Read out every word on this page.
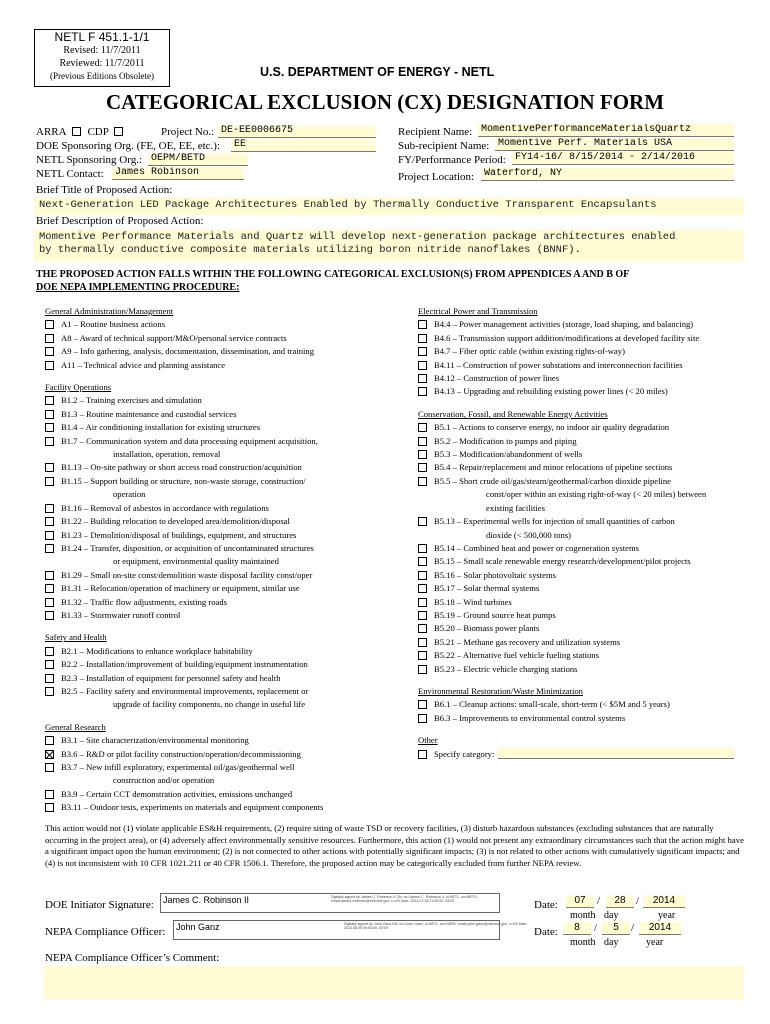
NETL F 451.1-1/1
Revised: 11/7/2011
Reviewed: 11/7/2011
(Previous Editions Obsolete)	U.S. DEPARTMENT OF ENERGY - NETL
CATEGORICAL EXCLUSION (CX) DESIGNATION FORM
ARRA CDP	Project No.: DE-EE0006675
DOE Sponsoring Org. (FE, OE, EE, etc.):	EE
NETL Sponsoring Org.: OEPM/BETD
NETL Contact:	James Robinson
Recipient Name: MomentivePerformanceMaterialsQuartz
Sub-recipient Name: Momentive Perf. Materials USA
FY/Performance Period: FY14-16/ 8/15/2014 - 2/14/2016
Project Location: Waterford, NY
Brief Title of Proposed Action:
Next-Generation LED Package Architectures Enabled by Thermally Conductive Transparent Encapsulants
Brief Description of Proposed Action:
Momentive Performance Materials and Quartz will develop next-generation package architectures enabled
by thermally conductive composite materials utilizing boron nitride nanoflakes (BNNF).
THE PROPOSED ACTION FALLS WITHIN THE FOLLOWING CATEGORICAL EXCLUSION(S) FROM APPENDICES A AND B OF
DOE NEPA IMPLEMENTING PROCEDURE:
General Administration/Management
A1 – Routine business actions
A8 – Award of technical support/M&O/personal service contracts
A9 – Info gathering, analysis, documentation, dissemination, and training
A11 – Technical advice and planning assistance
Facility Operations
B1.2 – Training exercises and simulation
B1.3 – Routine maintenance and custodial services
B1.4 – Air conditioning installation for existing structures
B1.7 – Communication system and data processing equipment acquisition,
installation, operation, removal
B1.13 – On-site pathway or short access road construction/acquisition
B1.15 – Support building or structure, non-waste storage, construction/
operation
B1.16 – Removal of asbestos in accordance with regulations
B1.22 – Building relocation to developed area/demolition/disposal
B1.23 – Demolition/disposal of buildings, equipment, and structures
B1.24 – Transfer, disposition, or acquisition of uncontaminated structures
or equipment, environmental quality maintained
B1.29 – Small on-site const/demolition waste disposal facility const/oper
B1.31 – Relocation/operation of machinery or equipment, similar use
B1.32 – Traffic flow adjustments, existing roads
B1.33 – Stormwater runoff control
Safety and Health
B2.1 – Modifications to enhance workplace habitability
B2.2 – Installation/improvement of building/equipment instrumentation
B2.3 – Installation of equipment for personnel safety and health
B2.5 – Facility safety and environmental improvements, replacement or
upgrade of facility components, no change in useful life
General Research
B3.1 – Site characterization/environmental monitoring
B3.6 – R&D or pilot facility construction/operation/decommissioning
B3.7 – New infill exploratory, experimental oil/gas/geothermal well
construction and/or operation
B3.9 – Certain CCT demonstration activities, emissions unchanged
B3.11 – Outdoor tests, experiments on materials and equipment components
Electrical Power and Transmission
B4.4 – Power management activities (storage, load shaping, and balancing)
B4.6 – Transmission support addition/modifications at developed facility site
B4.7 – Fiber optic cable (within existing rights-of-way)
B4.11 – Construction of power substations and interconnection facilities
B4.12 – Construction of power lines
B4.13 – Upgrading and rebuilding existing power lines (< 20 miles)
Conservation, Fossil, and Renewable Energy Activities
B5.1 – Actions to conserve energy, no indoor air quality degradation
B5.2 – Modification to pumps and piping
B5.3 – Modification/abandonment of wells
B5.4 – Repair/replacement and minor relocations of pipeline sections
B5.5 – Short crude oil/gas/steam/geothermal/carbon dioxide pipeline
const/oper within an existing right-of-way (< 20 miles) between
existing facilities
B5.13 – Experimental wells for injection of small quantities of carbon
dioxide (< 500,000 tons)
B5.14 – Combined heat and power or cogeneration systems
B5.15 – Small scale renewable energy research/development/pilot projects
B5.16 – Solar photovoltaic systems
B5.17 – Solar thermal systems
B5.18 – Wind turbines
B5.19 – Ground source heat pumps
B5.20 – Biomass power plants
B5.21 – Methane gas recovery and utilization systems
B5.22 – Alternative fuel vehicle fueling stations
B5.23 – Electric vehicle charging stations
Environmental Restoration/Waste Minimization
B6.1 – Cleanup actions: small-scale, short-term (< $5M and 5 years)
B6.3 – Improvements to environmental control systems
Other
Specify category:
This action would not (1) violate applicable ES&H requirements, (2) require siting of waste TSD or recovery facilities, (3) disturb hazardous substances (excluding substances that are naturally occurring in the project area), or (4) adversely affect environmentally sensitive resources. Furthermore, this action (1) would not present any extraordinary circumstances such that the action might have a significant impact upon the human environment; (2) is not connected to other actions with potentially significant impacts; (3) is not related to other actions with cumulatively significant impacts; and (4) is not inconsistent with 10 CFR 1021.211 or 40 CFR 1506.1. Therefore, the proposed action may be categorically excluded from further NEPA review.
DOE Initiator Signature: James C. Robinson II	Digitally signed by James C. Robinson II DN: cn=James C. Robinson II, o=NETL, ou=BETD, email=james.robinson@netl.doe.gov, c=US Date: 2014.07.28 11:00:00 -04'00'
NEPA Compliance Officer: John Ganz	Digitally signed by John Ganz DN: cn=John Ganz, o=NETL, ou=NEPA, email=john.ganz@netl.doe.gov, c=US Date: 2014.08.05 09:00:00 -04'00'
Date:	07	/	28 /	2014
month day	year
Date:	8	/	5	/	2014
month day	year
NEPA Compliance Officer’s Comment:
